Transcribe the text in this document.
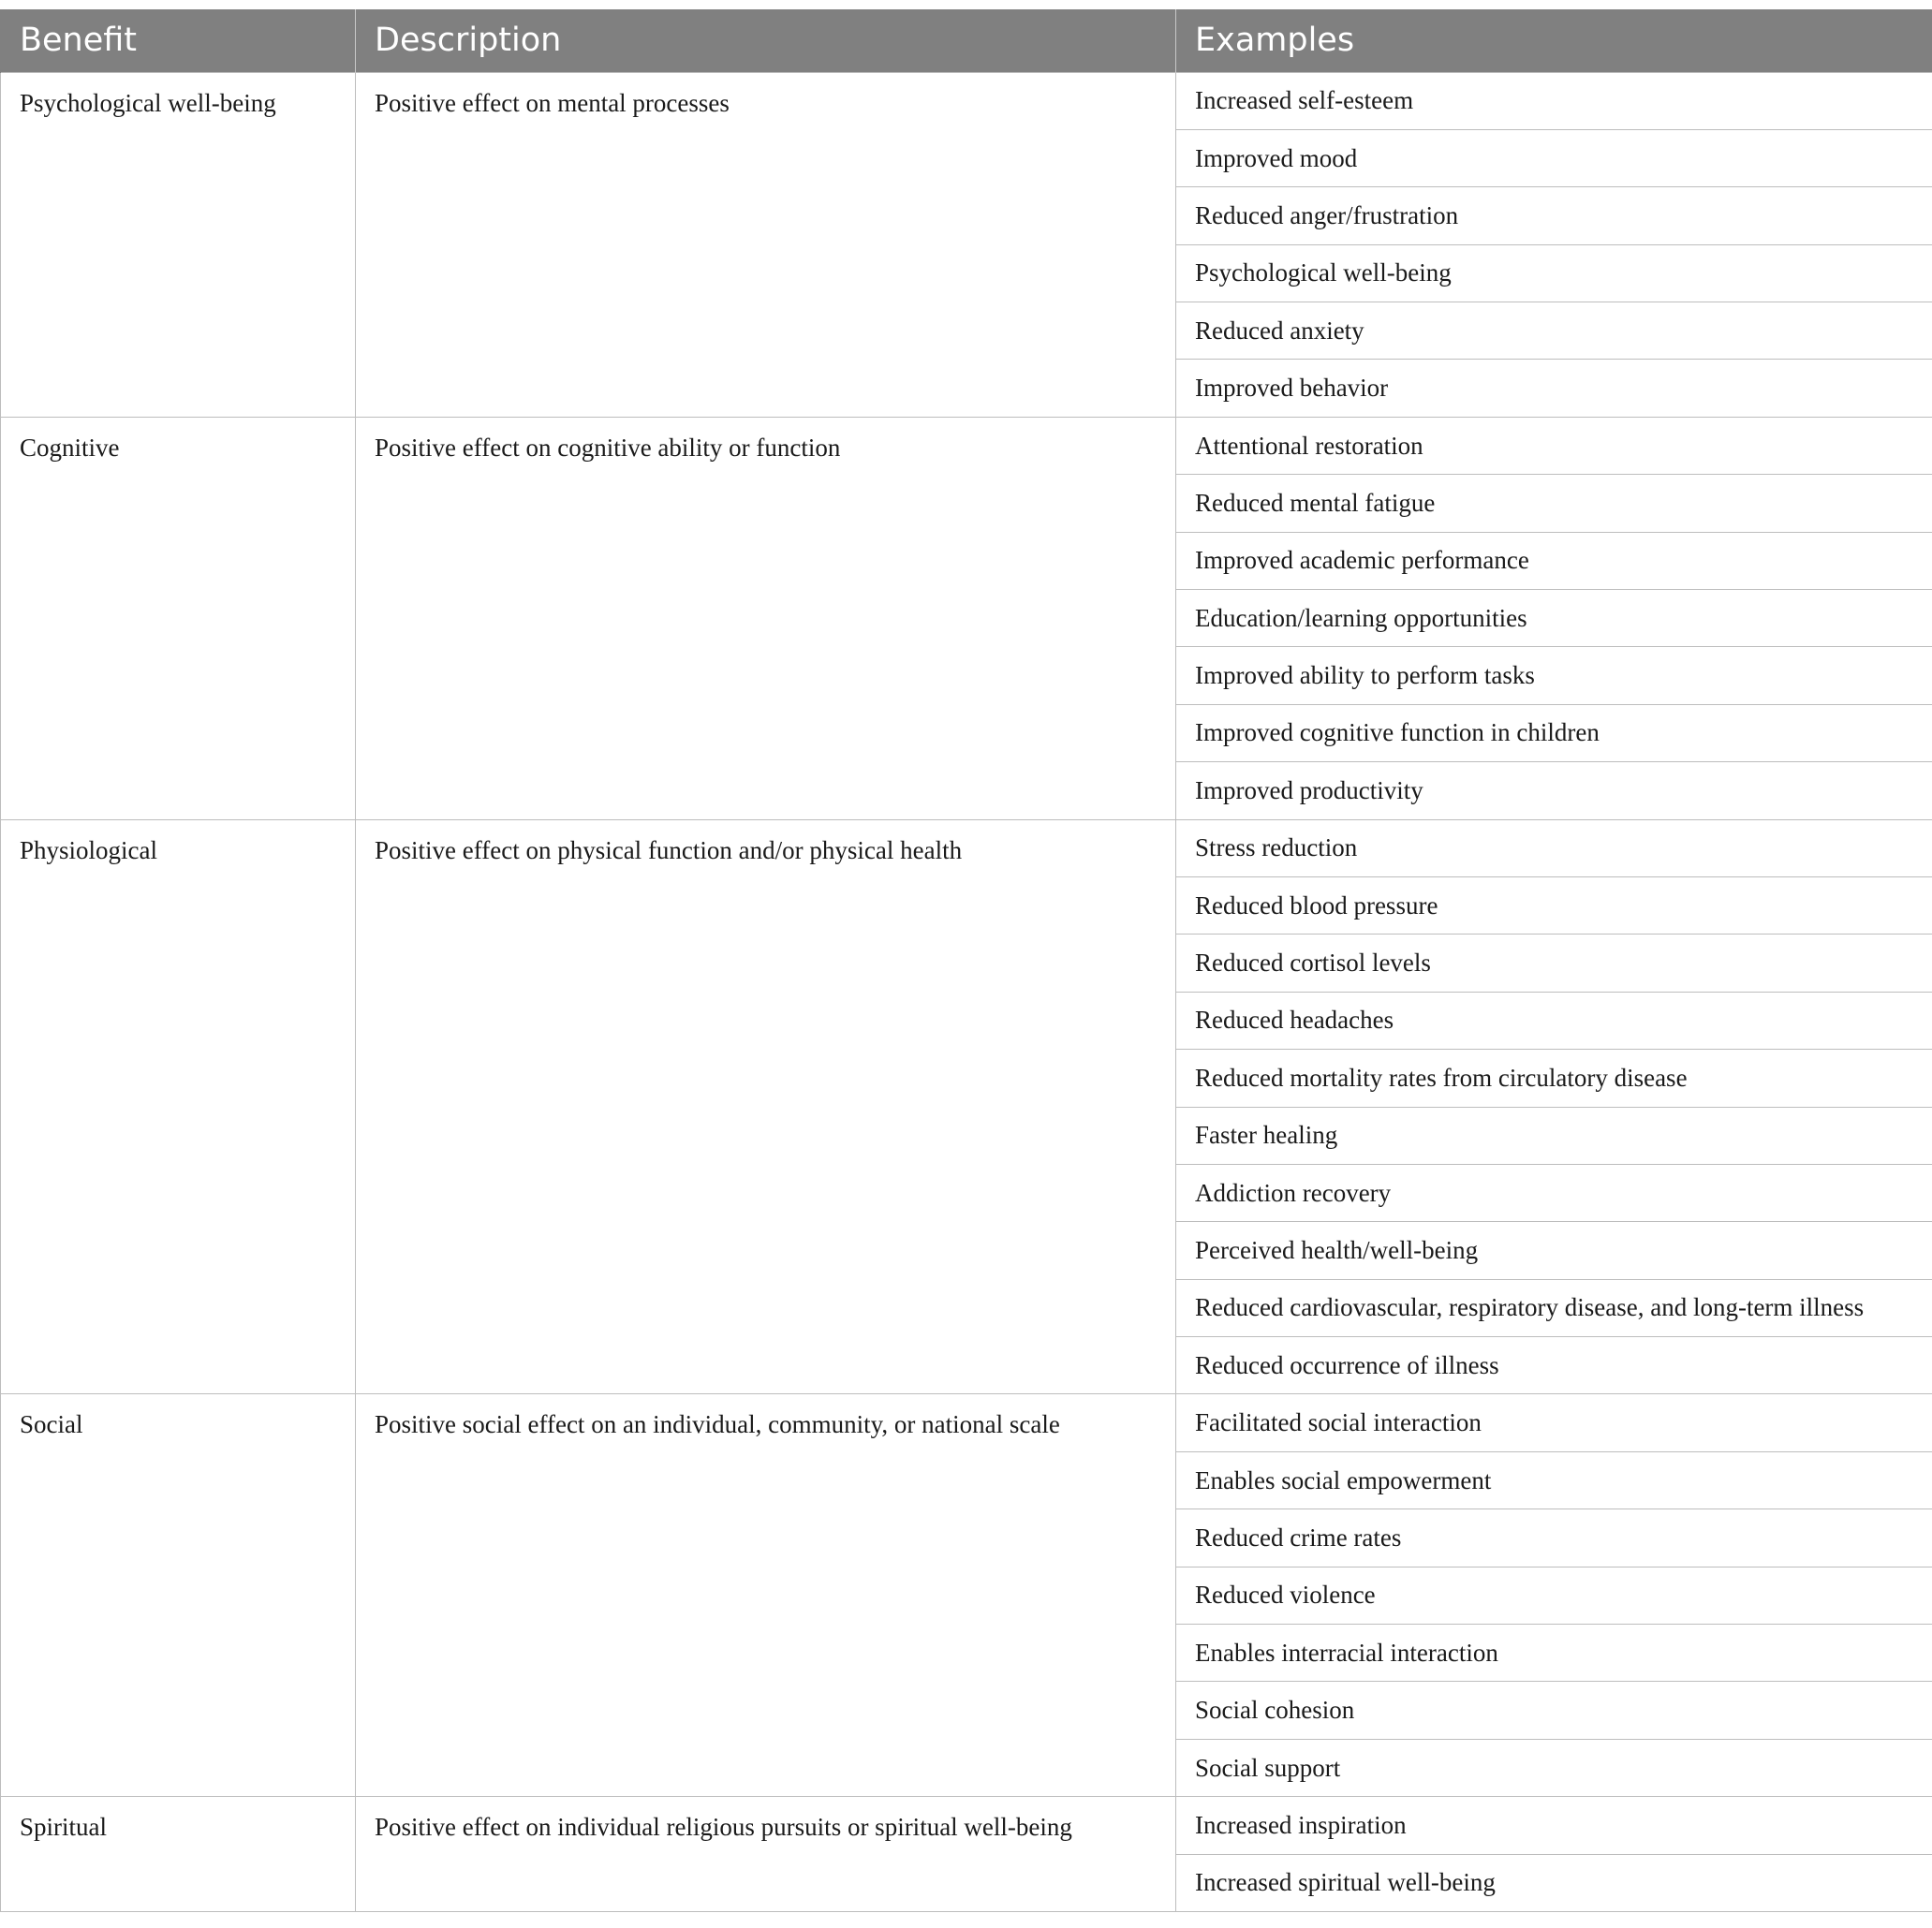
Benefit	Description	Examples
Psychological well-being	Positive effect on mental processes	Increased self-esteem
		Improved mood
		Reduced anger/frustration
		Psychological well-being
		Reduced anxiety
		Improved behavior
Cognitive	Positive effect on cognitive ability or function	Attentional restoration
		Reduced mental fatigue
		Improved academic performance
		Education/learning opportunities
		Improved ability to perform tasks
		Improved cognitive function in children
		Improved productivity
Physiological	Positive effect on physical function and/or physical health	Stress reduction
		Reduced blood pressure
		Reduced cortisol levels
		Reduced headaches
		Reduced mortality rates from circulatory disease
		Faster healing
		Addiction recovery
		Perceived health/well-being
		Reduced cardiovascular, respiratory disease, and long-term illness
		Reduced occurrence of illness
Social	Positive social effect on an individual, community, or national scale	Facilitated social interaction
		Enables social empowerment
		Reduced crime rates
		Reduced violence
		Enables interracial interaction
		Social cohesion
		Social support
Spiritual	Positive effect on individual religious pursuits or spiritual well-being	Increased inspiration
		Increased spiritual well-being
